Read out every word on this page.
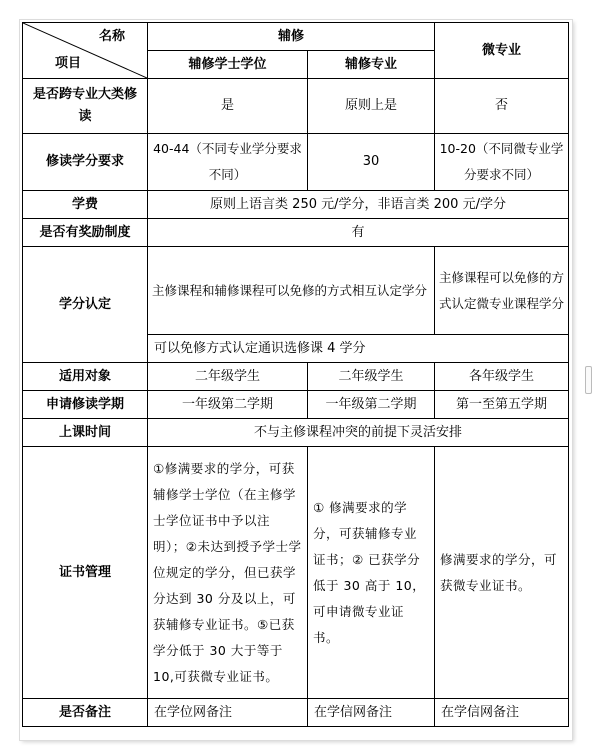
名称
项目	辅修		微专业
	辅修学士学位	辅修专业	
是否跨专业大类修读	是	原则上是	否
修读学分要求	40-44（不同专业学分要求不同）	30	10-20（不同微专业学分要求不同）
学费	原则上语言类 250 元/学分，非语言类 200 元/学分		
是否有奖励制度	有		
学分认定	主修课程和辅修课程可以免修的方式相互认定学分		主修课程可以免修的方式认定微专业课程学分
	可以免修方式认定通识选修课 4 学分		
适用对象	二年级学生	二年级学生	各年级学生
申请修读学期	一年级第二学期	一年级第二学期	第一至第五学期
上课时间	不与主修课程冲突的前提下灵活安排		
证书管理	①修满要求的学分，可获辅修学士学位（在主修学士学位证书中予以注明）；②未达到授予学士学位规定的学分，但已获学分达到 30 分及以上，可获辅修专业证书。⑤已获学分低于 30 大于等于 10,可获微专业证书。	① 修满要求的学分，可获辅修专业证书；② 已获学分低于 30 高于 10，可申请微专业证书。	修满要求的学分，可获微专业证书。
是否备注	在学位网备注	在学信网备注	在学信网备注
